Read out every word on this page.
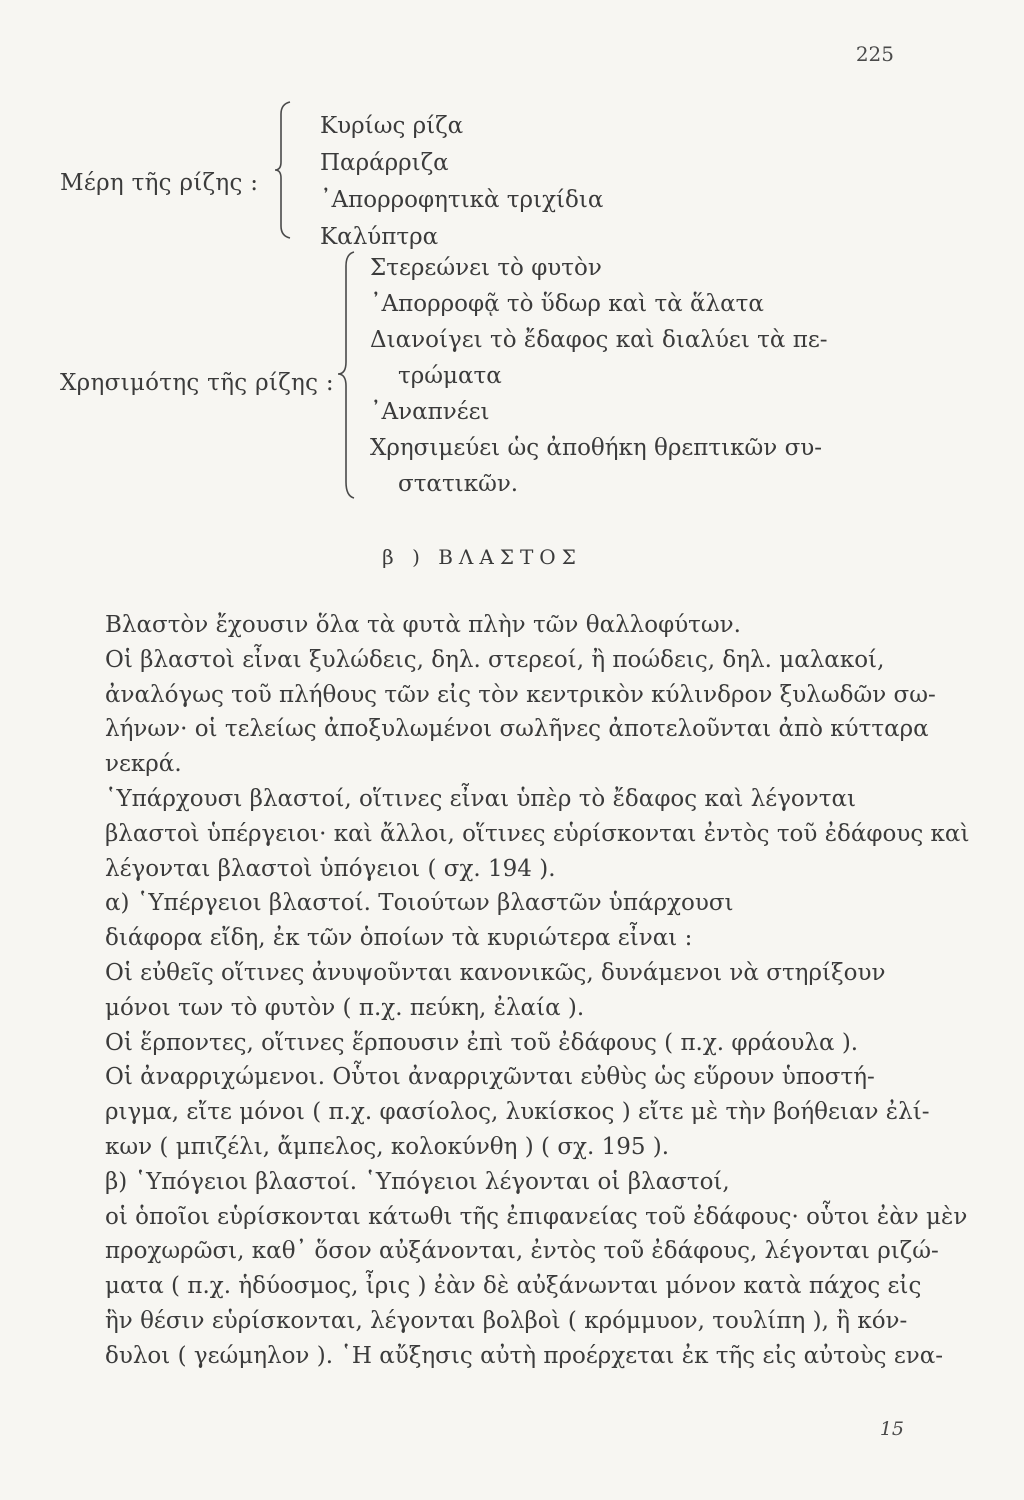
225
Μέρη τῆς ρίζης :
Κυρίως ρίζα
Παράρριζα
᾽Απορροφητικὰ τριχίδια
Καλύπτρα
Χρησιμότης τῆς ρίζης :
Στερεώνει τὸ φυτὸν
᾽Απορροφᾷ τὸ ὕδωρ καὶ τὰ ἅλατα
Διανοίγει τὸ ἔδαφος καὶ διαλύει τὰ πε-
τρώματα
᾽Αναπνέει
Χρησιμεύει ὡς ἀποθήκη θρεπτικῶν συ-
στατικῶν.
β ) ΒΛΑΣΤΟΣ
Βλαστὸν ἔχουσιν ὅλα τὰ φυτὰ πλὴν τῶν θαλλοφύτων.
Οἱ βλαστοὶ εἶναι ξυλώδεις, δηλ. στερεοί, ἢ ποώδεις, δηλ. μαλακοί,
ἀναλόγως τοῦ πλήθους τῶν εἰς τὸν κεντρικὸν κύλινδρον ξυλωδῶν σω-
λήνων· οἱ τελείως ἀποξυλωμένοι σωλῆνες ἀποτελοῦνται ἀπὸ κύτταρα
νεκρά.
῾Υπάρχουσι βλαστοί, οἵτινες εἶναι ὑπὲρ τὸ ἔδαφος καὶ λέγονται
βλαστοὶ ὑπέργειοι· καὶ ἄλλοι, οἵτινες εὑρίσκονται ἐντὸς τοῦ ἐδάφους καὶ
λέγονται βλαστοὶ ὑπόγειοι ( σχ. 194 ).
α) ῾Υπέργειοι βλαστοί. Τοιούτων βλαστῶν ὑπάρχουσι
διάφορα εἴδη, ἐκ τῶν ὁποίων τὰ κυριώτερα εἶναι :
Οἱ εὐθεῖς οἵτινες ἀνυψοῦνται κανονικῶς, δυνάμενοι νὰ στηρίξουν
μόνοι των τὸ φυτὸν ( π.χ. πεύκη, ἐλαία ).
Οἱ ἕρποντες, οἵτινες ἕρπουσιν ἐπὶ τοῦ ἐδάφους ( π.χ. φράουλα ).
Οἱ ἀναρριχώμενοι. Οὗτοι ἀναρριχῶνται εὐθὺς ὡς εὕρουν ὑποστή-
ριγμα, εἴτε μόνοι ( π.χ. φασίολος, λυκίσκος ) εἴτε μὲ τὴν βοήθειαν ἐλί-
κων ( μπιζέλι, ἄμπελος, κολοκύνθη ) ( σχ. 195 ).
β) ῾Υπόγειοι βλαστοί. ῾Υπόγειοι λέγονται οἱ βλαστοί,
οἱ ὁποῖοι εὑρίσκονται κάτωθι τῆς ἐπιφανείας τοῦ ἐδάφους· οὗτοι ἐὰν μὲν
προχωρῶσι, καθ᾽ ὅσον αὐξάνονται, ἐντὸς τοῦ ἐδάφους, λέγονται ριζώ-
ματα ( π.χ. ἡδύοσμος, ἶρις ) ἐὰν δὲ αὐξάνωνται μόνον κατὰ πάχος εἰς
ἣν θέσιν εὑρίσκονται, λέγονται βολβοὶ ( κρόμμυον, τουλίπη ), ἢ κόν-
δυλοι ( γεώμηλον ). ῾Η αὔξησις αὐτὴ προέρχεται ἐκ τῆς εἰς αὐτοὺς ενα-
15
